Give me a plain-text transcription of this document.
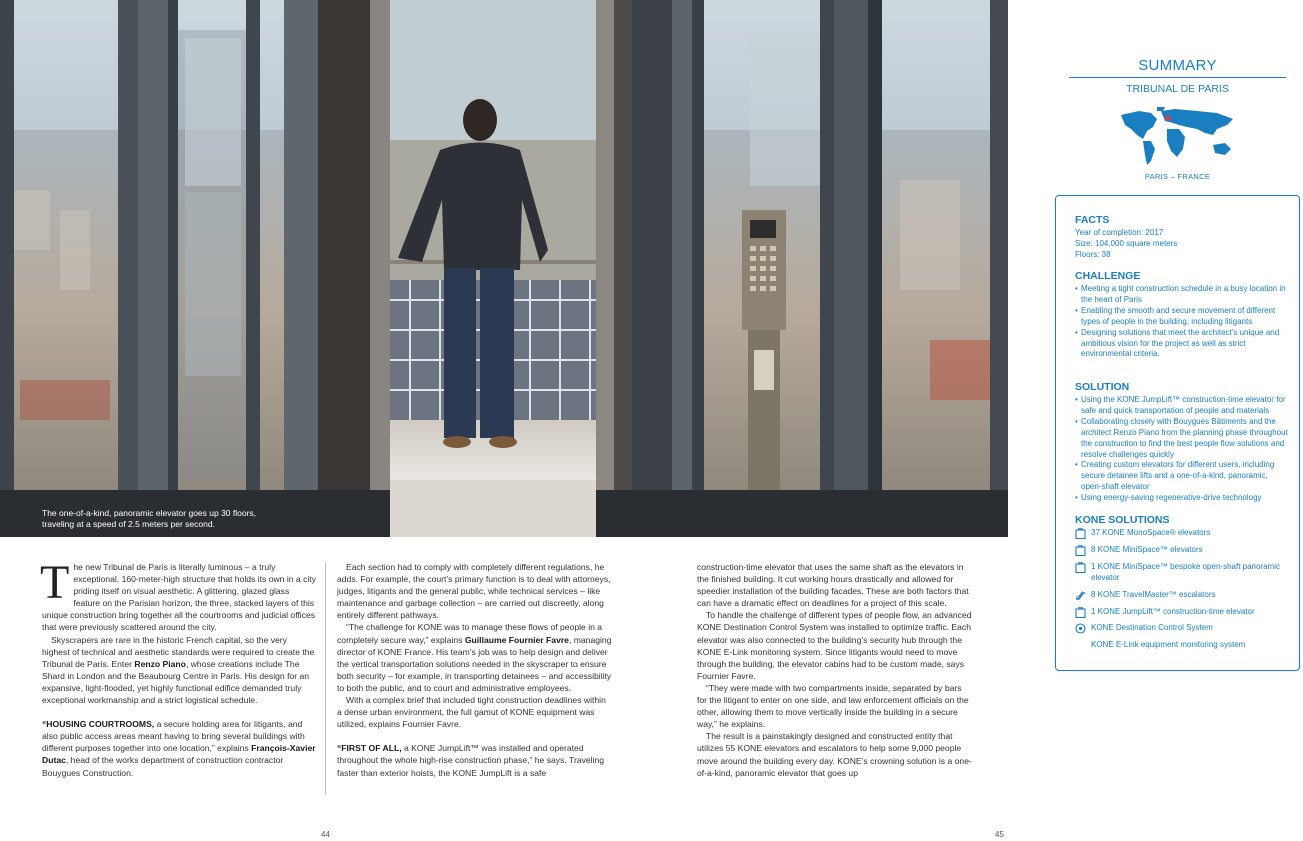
The one-of-a-kind, panoramic elevator goes up 30 floors,
traveling at a speed of 2.5 meters per second.

The new Tribunal de Paris is literally luminous – a truly exceptional, 160-meter-high structure that holds its own in a city priding itself on visual aesthetic. A glittering, glazed glass feature on the Parisian horizon, the three, stacked layers of this unique construction bring together all the courtrooms and judicial offices that were previously scattered around the city.

Skyscrapers are rare in the historic French capital, so the very highest of technical and aesthetic standards were required to create the Tribunal de Paris. Enter Renzo Piano, whose creations include The Shard in London and the Beaubourg Centre in Paris. His design for an expansive, light-flooded, yet highly functional edifice demanded truly exceptional workmanship and a strict logistical schedule.

“HOUSING COURTROOMS, a secure holding area for litigants, and also public access areas meant having to bring several buildings with different purposes together into one location,” explains François-Xavier Dutac, head of the works department of construction contractor Bouygues Construction.

Each section had to comply with completely different regulations, he adds. For example, the court’s primary function is to deal with attorneys, judges, litigants and the general public, while technical services – like maintenance and garbage collection – are carried out discreetly, along entirely different pathways.

“The challenge for KONE was to manage these flows of people in a completely secure way,” explains Guillaume Fournier Favre, managing director of KONE France. His team’s job was to help design and deliver the vertical transportation solutions needed in the skyscraper to ensure both security – for example, in transporting detainees – and accessibility to both the public, and to court and administrative employees.

With a complex brief that included tight construction deadlines within a dense urban environment, the full gamut of KONE equipment was utilized, explains Fournier Favre.

“FIRST OF ALL, a KONE JumpLift™ was installed and operated throughout the whole high-rise construction phase,” he says. Traveling faster than exterior hoists, the KONE JumpLift is a safe

construction-time elevator that uses the same shaft as the elevators in the finished building. It cut working hours drastically and allowed for speedier installation of the building facades. These are both factors that can have a dramatic effect on deadlines for a project of this scale.

To handle the challenge of different types of people flow, an advanced KONE Destination Control System was installed to optimize traffic. Each elevator was also connected to the building’s security hub through the KONE E-Link monitoring system. Since litigants would need to move through the building, the elevator cabins had to be custom made, says Fournier Favre.

“They were made with two compartments inside, separated by bars for the litigant to enter on one side, and law enforcement officials on the other, allowing them to move vertically inside the building in a secure way,” he explains.

The result is a painstakingly designed and constructed entity that utilizes 55 KONE elevators and escalators to help some 9,000 people move around the building every day. KONE’s crowning solution is a one-of-a-kind, panoramic elevator that goes up

44	45
SUMMARY
TRIBUNAL DE PARIS
PARIS – FRANCE
FACTS
Year of completion: 2017
Size: 104,000 square meters
Floors: 38
CHALLENGE
• Meeting a tight construction schedule in a busy location in the heart of Paris
• Enabling the smooth and secure movement of different types of people in the building, including litigants
• Designing solutions that meet the architect’s unique and ambitious vision for the project as well as strict environmental criteria.
SOLUTION
• Using the KONE JumpLift™ construction-time elevator for safe and quick transportation of people and materials
• Collaborating closely with Bouygues Bâtiments and the architect Renzo Piano from the planning phase throughout the construction to find the best people flow solutions and resolve challenges quickly
• Creating custom elevators for different users, including secure detainee lifts and a one-of-a-kind, panoramic, open-shaft elevator
• Using energy-saving regenerative-drive technology
KONE SOLUTIONS
37 KONE MonoSpace® elevators
8 KONE MiniSpace™ elevators
1 KONE MiniSpace™ bespoke open-shaft panoramic elevator
8 KONE TravelMaster™ escalators
1 KONE JumpLift™ construction-time elevator
KONE Destination Control System
KONE E-Link equipment monitoring system
